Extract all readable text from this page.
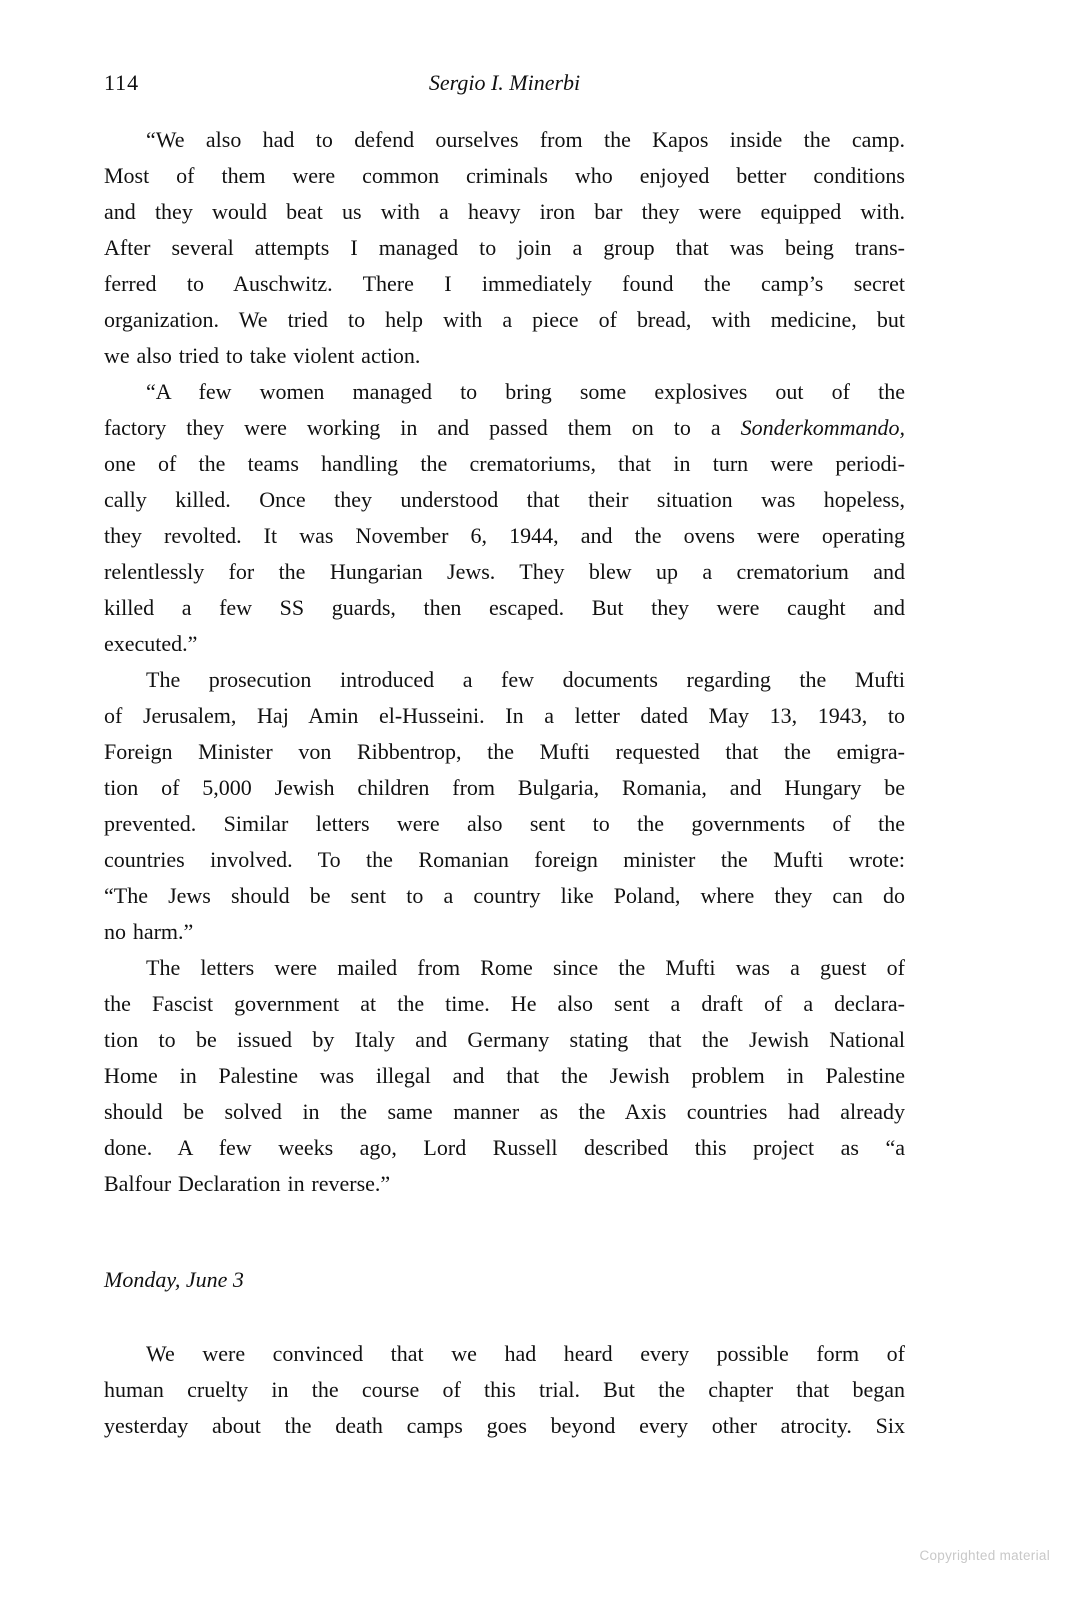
114	Sergio I. Minerbi
“We also had to defend ourselves from the Kapos inside the camp.
Most of them were common criminals who enjoyed better conditions
and they would beat us with a heavy iron bar they were equipped with.
After several attempts I managed to join a group that was being trans-
ferred to Auschwitz. There I immediately found the camp’s secret
organization. We tried to help with a piece of bread, with medicine, but
we also tried to take violent action.
“A few women managed to bring some explosives out of the
factory they were working in and passed them on to a Sonderkommando,
one of the teams handling the crematoriums, that in turn were periodi-
cally killed. Once they understood that their situation was hopeless,
they revolted. It was November 6, 1944, and the ovens were operating
relentlessly for the Hungarian Jews. They blew up a crematorium and
killed a few SS guards, then escaped. But they were caught and
executed.”
The prosecution introduced a few documents regarding the Mufti
of Jerusalem, Haj Amin el-Husseini. In a letter dated May 13, 1943, to
Foreign Minister von Ribbentrop, the Mufti requested that the emigra-
tion of 5,000 Jewish children from Bulgaria, Romania, and Hungary be
prevented. Similar letters were also sent to the governments of the
countries involved. To the Romanian foreign minister the Mufti wrote:
“The Jews should be sent to a country like Poland, where they can do
no harm.”
The letters were mailed from Rome since the Mufti was a guest of
the Fascist government at the time. He also sent a draft of a declara-
tion to be issued by Italy and Germany stating that the Jewish National
Home in Palestine was illegal and that the Jewish problem in Palestine
should be solved in the same manner as the Axis countries had already
done. A few weeks ago, Lord Russell described this project as “a
Balfour Declaration in reverse.”
Monday, June 3
We were convinced that we had heard every possible form of
human cruelty in the course of this trial. But the chapter that began
yesterday about the death camps goes beyond every other atrocity. Six
Copyrighted material
